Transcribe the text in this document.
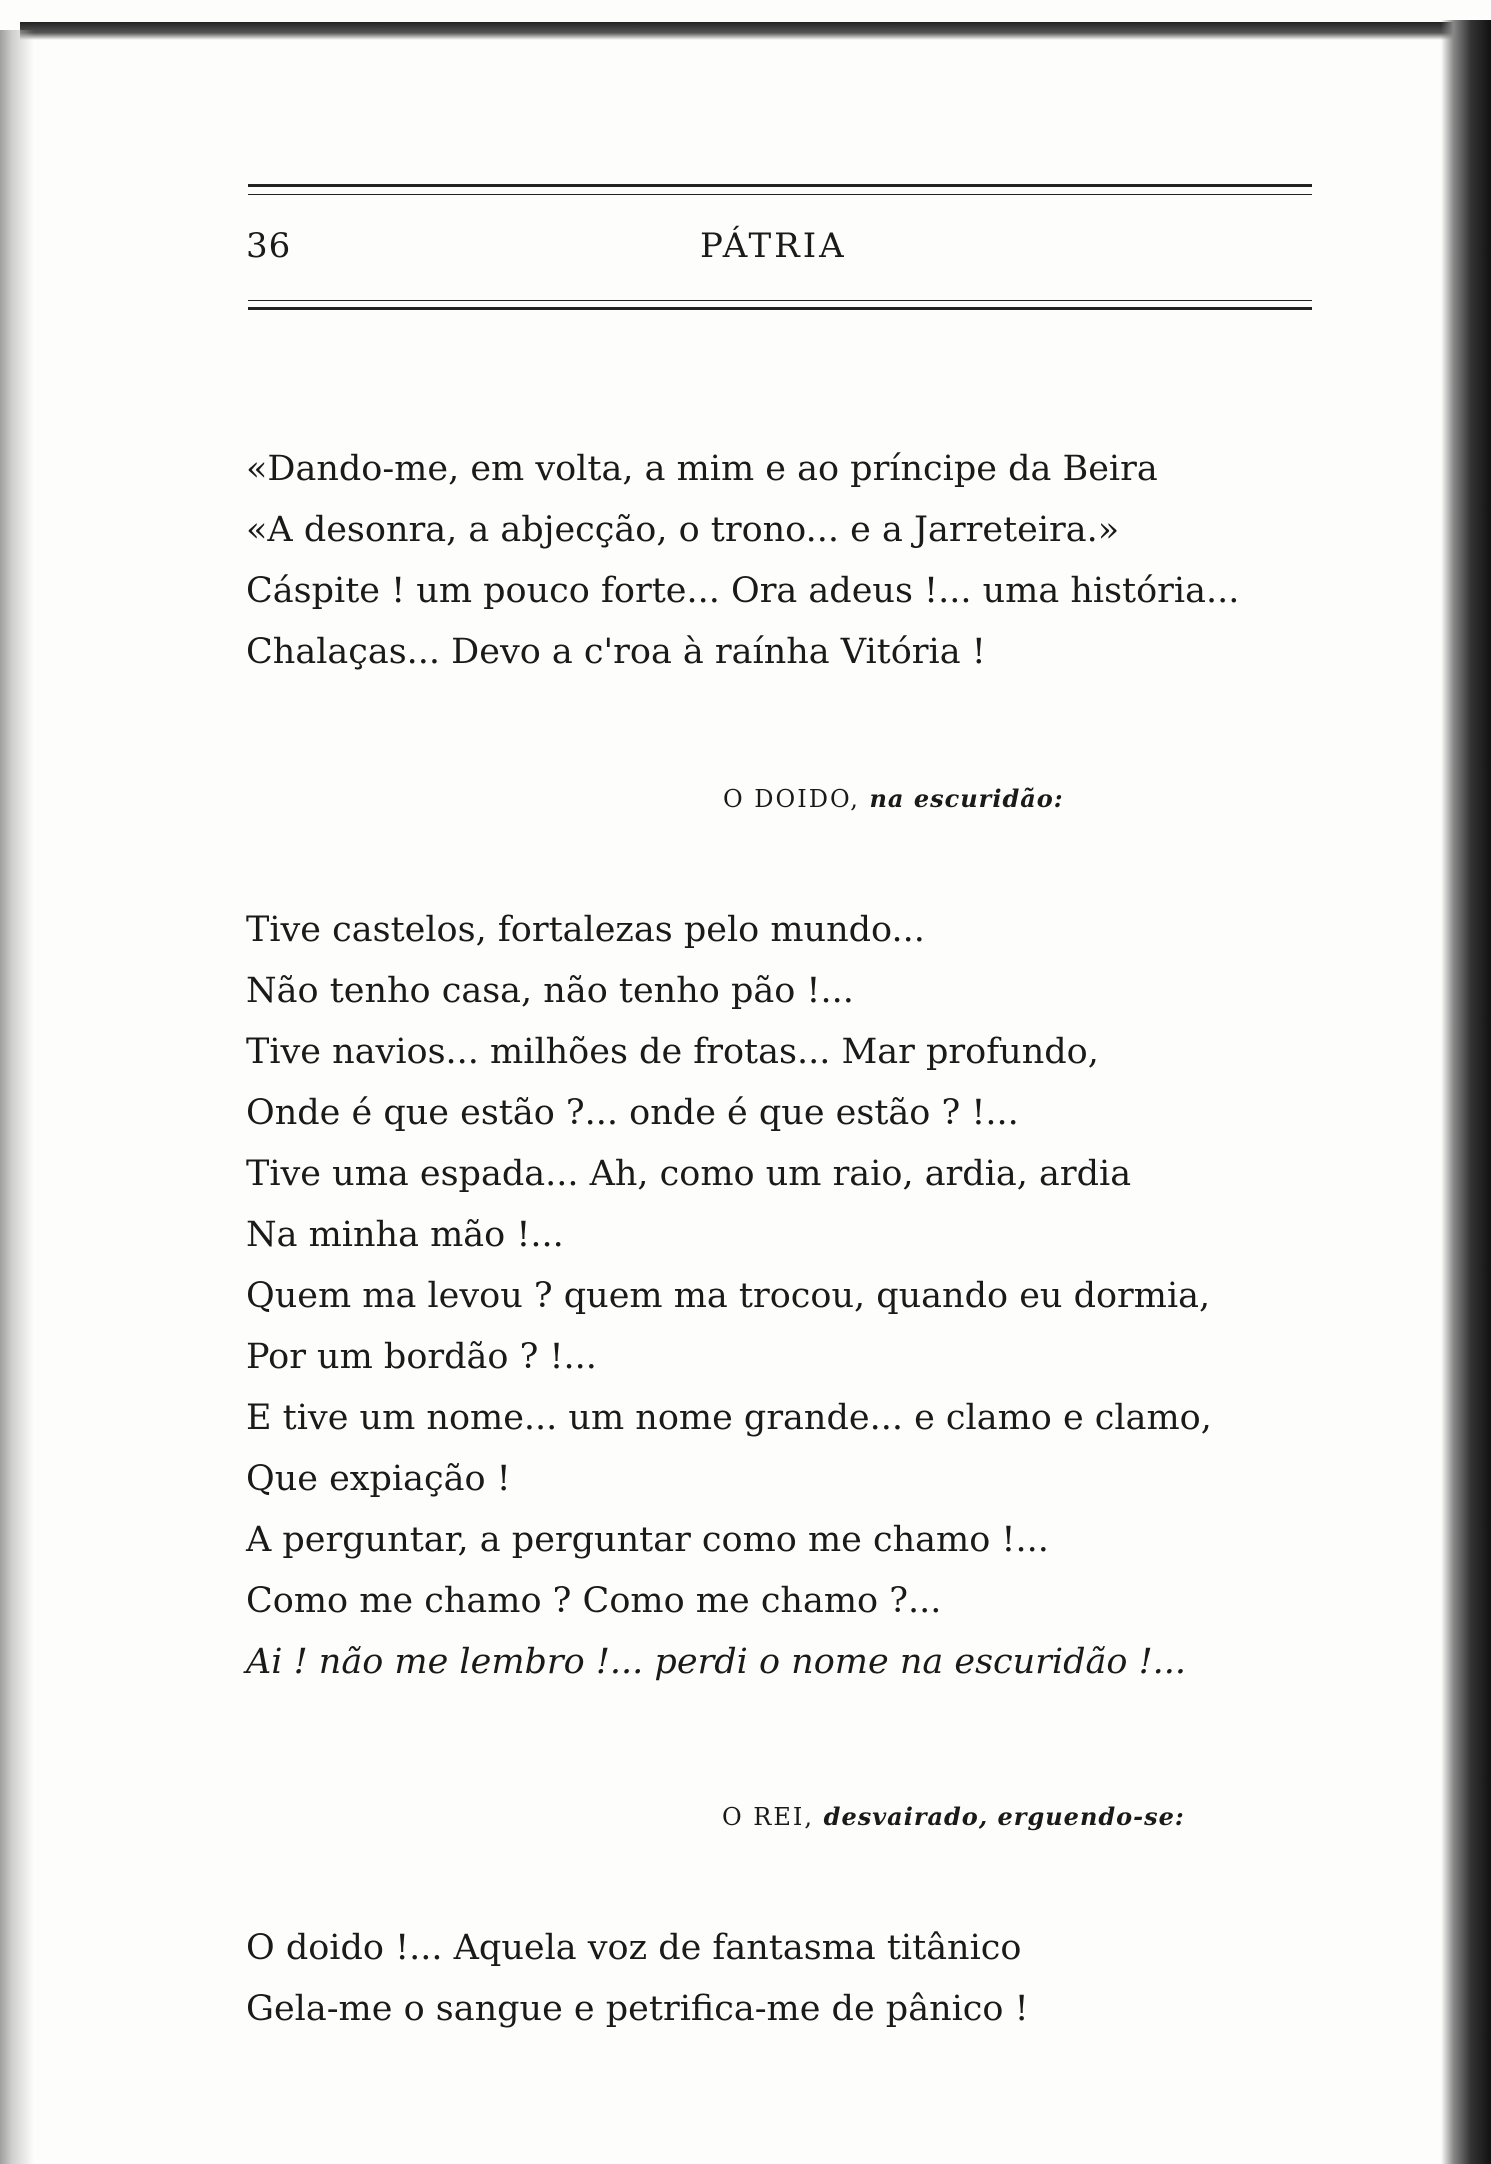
36	PÁTRIA
«Dando-me, em volta, a mim e ao príncipe da Beira
«A desonra, a abjecção, o trono... e a Jarreteira.»
Cáspite ! um pouco forte... Ora adeus !... uma história...
Chalaças... Devo a c'roa à raínha Vitória !
O DOIDO, na escuridão:
Tive castelos, fortalezas pelo mundo...
Não tenho casa, não tenho pão !...
Tive navios... milhões de frotas... Mar profundo,
Onde é que estão ?... onde é que estão ? !...
Tive uma espada... Ah, como um raio, ardia, ardia
Na minha mão !...
Quem ma levou ? quem ma trocou, quando eu dormia,
Por um bordão ? !...
E tive um nome... um nome grande... e clamo e clamo,
Que expiação !
A perguntar, a perguntar como me chamo !...
Como me chamo ? Como me chamo ?...
Ai ! não me lembro !... perdi o nome na escuridão !...
O REI, desvairado, erguendo-se:
O doido !... Aquela voz de fantasma titânico
Gela-me o sangue e petrifica-me de pânico !
